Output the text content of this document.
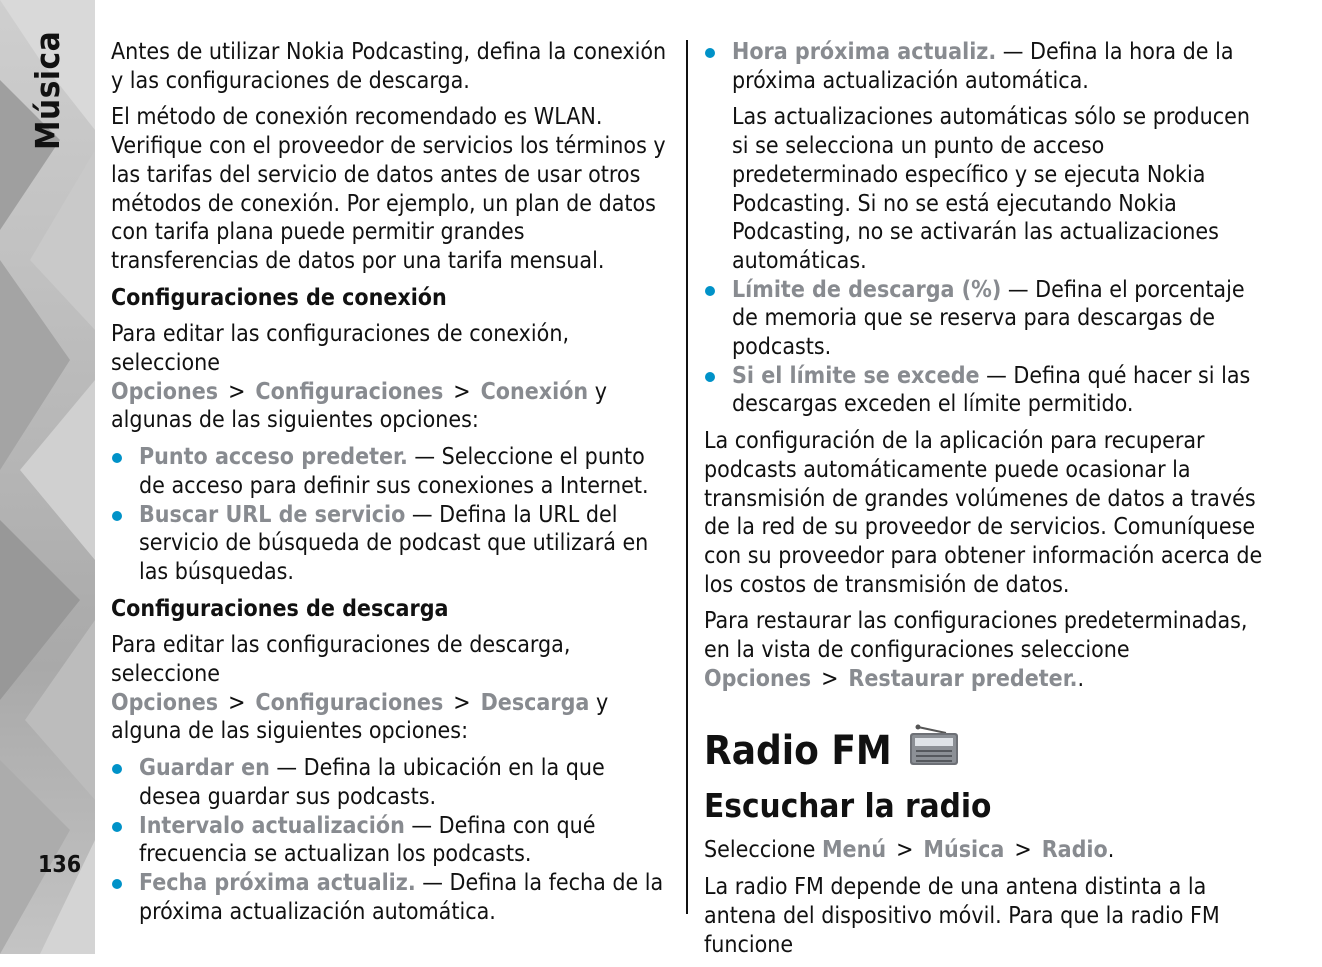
Música
136

Antes de utilizar Nokia Podcasting, defina la conexión y las configuraciones de descarga.

El método de conexión recomendado es WLAN. Verifique con el proveedor de servicios los términos y las tarifas del servicio de datos antes de usar otros métodos de conexión. Por ejemplo, un plan de datos con tarifa plana puede permitir grandes transferencias de datos por una tarifa mensual.

Configuraciones de conexión

Para editar las configuraciones de conexión, seleccione Opciones > Configuraciones > Conexión y algunas de las siguientes opciones:

Punto acceso predeter. — Seleccione el punto de acceso para definir sus conexiones a Internet.
Buscar URL de servicio — Defina la URL del servicio de búsqueda de podcast que utilizará en las búsquedas.
Configuraciones de descarga

Para editar las configuraciones de descarga, seleccione Opciones > Configuraciones > Descarga y alguna de las siguientes opciones:

Guardar en — Defina la ubicación en la que desea guardar sus podcasts.
Intervalo actualización — Defina con qué frecuencia se actualizan los podcasts.
Fecha próxima actualiz. — Defina la fecha de la próxima actualización automática.
Hora próxima actualiz. — Defina la hora de la próxima actualización automática.

Las actualizaciones automáticas sólo se producen si se selecciona un punto de acceso predeterminado específico y se ejecuta Nokia Podcasting. Si no se está ejecutando Nokia Podcasting, no se activarán las actualizaciones automáticas.

Límite de descarga (%) — Defina el porcentaje de memoria que se reserva para descargas de podcasts.
Si el límite se excede — Defina qué hacer si las descargas exceden el límite permitido.

La configuración de la aplicación para recuperar podcasts automáticamente puede ocasionar la transmisión de grandes volúmenes de datos a través de la red de su proveedor de servicios. Comuníquese con su proveedor para obtener información acerca de los costos de transmisión de datos.

Para restaurar las configuraciones predeterminadas, en la vista de configuraciones seleccione Opciones > Restaurar predeter..

Radio FM
Escuchar la radio

Seleccione Menú > Música > Radio.

La radio FM depende de una antena distinta a la antena del dispositivo móvil. Para que la radio FM funcione
